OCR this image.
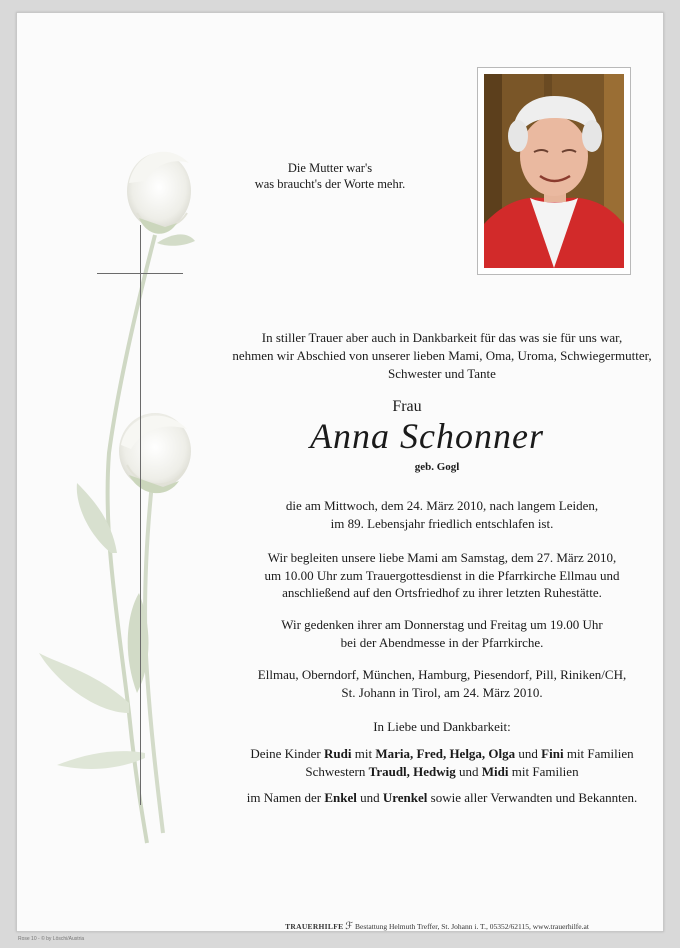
Die Mutter war's
was braucht's der Worte mehr.
In stiller Trauer aber auch in Dankbarkeit für das was sie für uns war,
nehmen wir Abschied von unserer lieben Mami, Oma, Uroma, Schwiegermutter,
Schwester und Tante
Frau
Anna Schonner
geb. Gogl
die am Mittwoch, dem 24. März 2010, nach langem Leiden,
im 89. Lebensjahr friedlich entschlafen ist.
Wir begleiten unsere liebe Mami am Samstag, dem 27. März 2010,
um 10.00 Uhr zum Trauergottesdienst in die Pfarrkirche Ellmau und
anschließend auf den Ortsfriedhof zu ihrer letzten Ruhestätte.
Wir gedenken ihrer am Donnerstag und Freitag um 19.00 Uhr
bei der Abendmesse in der Pfarrkirche.
Ellmau, Oberndorf, München, Hamburg, Piesendorf, Pill, Riniken/CH,
St. Johann in Tirol, am 24. März 2010.
In Liebe und Dankbarkeit:
Deine Kinder Rudi mit Maria, Fred, Helga, Olga und Fini mit Familien
Schwestern Traudl, Hedwig und Midi mit Familien
im Namen der Enkel und Urenkel sowie aller Verwandten und Bekannten.
TRAUERHILFE ℱ Bestattung Helmuth Treffer, St. Johann i. T., 05352/62115, www.trauerhilfe.at
Rose 10 - © by Löschi/Austria
